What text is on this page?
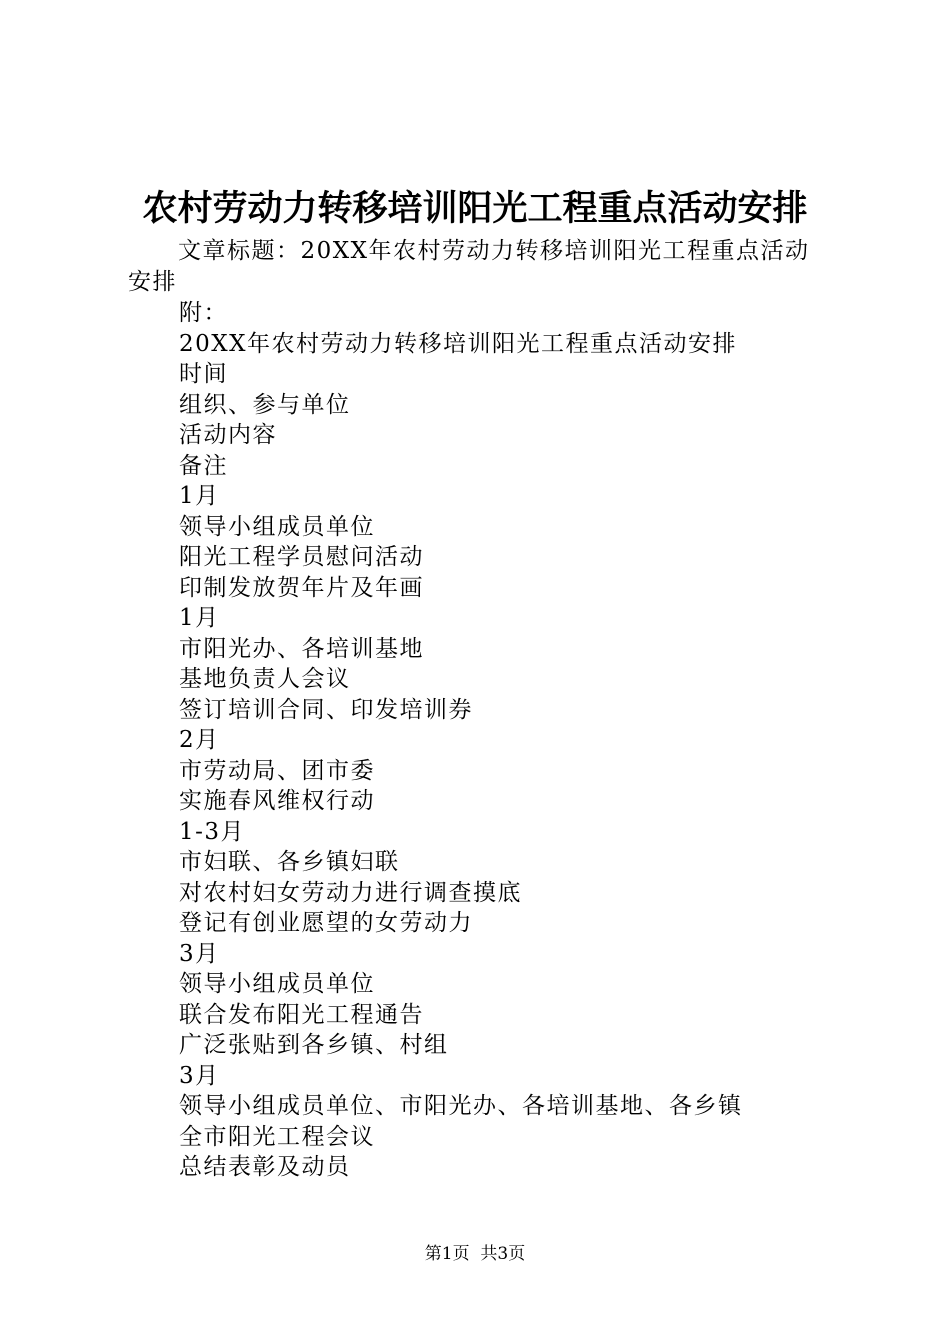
农村劳动力转移培训阳光工程重点活动安排
文章标题：20XX年农村劳动力转移培训阳光工程重点活动
安排
附：
20XX年农村劳动力转移培训阳光工程重点活动安排
时间
组织、参与单位
活动内容
备注
1月
领导小组成员单位
阳光工程学员慰问活动
印制发放贺年片及年画
1月
市阳光办、各培训基地
基地负责人会议
签订培训合同、印发培训券
2月
市劳动局、团市委
实施春风维权行动
1-3月
市妇联、各乡镇妇联
对农村妇女劳动力进行调查摸底
登记有创业愿望的女劳动力
3月
领导小组成员单位
联合发布阳光工程通告
广泛张贴到各乡镇、村组
3月
领导小组成员单位、市阳光办、各培训基地、各乡镇
全市阳光工程会议
总结表彰及动员
第1页  共3页
